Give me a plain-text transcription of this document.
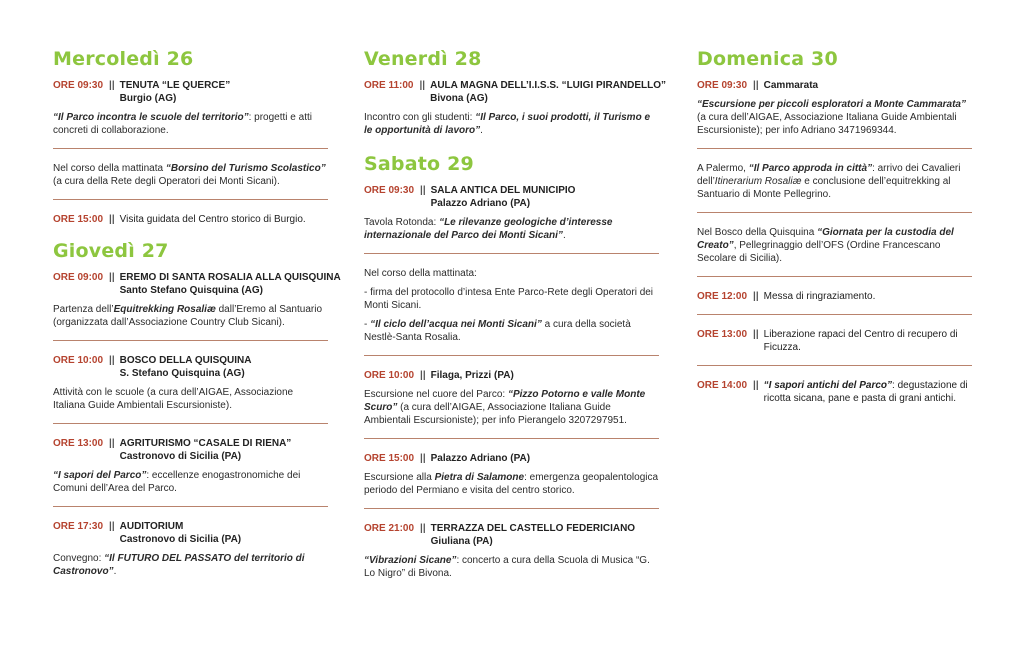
Mercoledì 26
ORE 09:30 || TENUTA “LE QUERCE”
Burgio (AG)
“Il Parco incontra le scuole del territorio”: progetti e atti concreti di collaborazione.
Nel corso della mattinata “Borsino del Turismo Scolastico” (a cura della Rete degli Operatori dei Monti Sicani).
ORE 15:00 || Visita guidata del Centro storico di Burgio.
Giovedì 27
ORE 09:00 || EREMO DI SANTA ROSALIA ALLA QUISQUINA
Santo Stefano Quisquina (AG)
Partenza dell’Equitrekking Rosaliæ dall’Eremo al Santuario (organizzata dall’Associazione Country Club Sicani).
ORE 10:00 || BOSCO DELLA QUISQUINA
S. Stefano Quisquina (AG)
Attività con le scuole (a cura dell’AIGAE, Associazione Italiana Guide Ambientali Escursioniste).
ORE 13:00 || AGRITURISMO “CASALE DI RIENA”
Castronovo di Sicilia (PA)
“I sapori del Parco”: eccellenze enogastronomiche dei Comuni dell’Area del Parco.
ORE 17:30 || AUDITORIUM
Castronovo di Sicilia (PA)
Convegno: “Il FUTURO DEL PASSATO del territorio di Castronovo”.
Venerdì 28
ORE 11:00 || AULA MAGNA DELL’I.I.S.S. “LUIGI PIRANDELLO”
Bivona (AG)
Incontro con gli studenti: “Il Parco, i suoi prodotti, il Turismo e le opportunità di lavoro”.
Sabato 29
ORE 09:30 || SALA ANTICA DEL MUNICIPIO
Palazzo Adriano (PA)
Tavola Rotonda: “Le rilevanze geologiche d’interesse internazionale del Parco dei Monti Sicani”.
Nel corso della mattinata:
- firma del protocollo d’intesa Ente Parco-Rete degli Operatori dei Monti Sicani.
- “Il ciclo dell’acqua nei Monti Sicani” a cura della società Nestlè-Santa Rosalia.
ORE 10:00 || Filaga, Prizzi (PA)
Escursione nel cuore del Parco: “Pizzo Potorno e valle Monte Scuro” (a cura dell’AIGAE, Associazione Italiana Guide Ambientali Escursioniste); per info Pierangelo 3207297951.
ORE 15:00 || Palazzo Adriano (PA)
Escursione alla Pietra di Salamone: emergenza geopalentologica periodo del Permiano e visita del centro storico.
ORE 21:00 || TERRAZZA DEL CASTELLO FEDERICIANO
Giuliana (PA)
“Vibrazioni Sicane”: concerto a cura della Scuola di Musica “G. Lo Nigro” di Bivona.
Domenica 30
ORE 09:30 || Cammarata
“Escursione per piccoli esploratori a Monte Cammarata” (a cura dell’AIGAE, Associazione Italiana Guide Ambientali Escursioniste); per info Adriano 3471969344.
A Palermo, “Il Parco approda in città”: arrivo dei Cavalieri dell’Itinerarium Rosaliæ e conclusione dell’equitrekking al Santuario di Monte Pellegrino.
Nel Bosco della Quisquina “Giornata per la custodia del Creato”, Pellegrinaggio dell’OFS (Ordine Francescano Secolare di Sicilia).
ORE 12:00 || Messa di ringraziamento.
ORE 13:00 || Liberazione rapaci del Centro di recupero di Ficuzza.
ORE 14:00 || “I sapori antichi del Parco”: degustazione di ricotta sicana, pane e pasta di grani antichi.
